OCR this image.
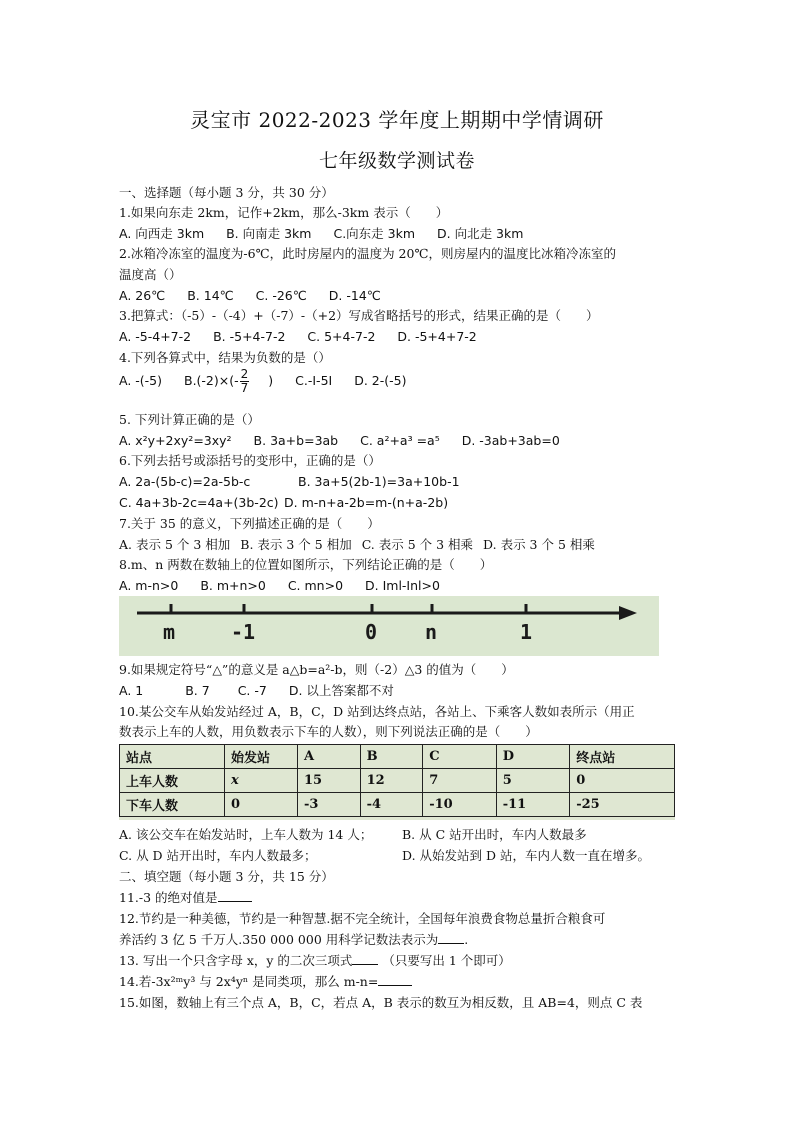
灵宝市 2022-2023 学年度上期期中学情调研
七年级数学测试卷
一、选择题（每小题 3 分，共 30 分）
1.如果向东走 2km，记作+2km，那么-3km 表示（　　）
A. 向西走 3km B. 向南走 3km C.向东走 3km D. 向北走 3km
2.冰箱冷冻室的温度为-6℃，此时房屋内的温度为 20℃，则房屋内的温度比冰箱冷冻室的
温度高（）
A. 26℃ B. 14℃ C. -26℃ D. -14℃
3.把算式：（-5）-（-4）+（-7）-（+2）写成省略括号的形式，结果正确的是（　　）
A. -5-4+7-2 B. -5+4-7-2 C. 5+4-7-2 D. -5+4+7-2
4.下列各算式中，结果为负数的是（）
A. -(-5) $B.(-2)\times(- \frac{2}{7}$ ) C.-I-5I D. 2-(-5)
5. 下列计算正确的是（）
A. x²y+2xy²=3xy² B. 3a+b=3ab C. a²+a³ =a⁵ D. -3ab+3ab=0
6.下列去括号或添括号的变形中，正确的是（）
A. 2a-(5b-c)=2a-5b-c	B. 3a+5(2b-1)=3a+10b-1
C. 4a+3b-2c=4a+(3b-2c) D. m-n+a-2b=m-(n+a-2b)
7.关于 35 的意义，下列描述正确的是（　　）
A. 表示 5 个 3 相加 B. 表示 3 个 5 相加 C. 表示 5 个 3 相乘 D. 表示 3 个 5 相乘
8.m、n 两数在数轴上的位置如图所示，下列结论正确的是（　　）
A. m-n>0 B. m+n>0 C. mn>0 D. Iml-Inl>0
m	-1	0 n	1
9.如果规定符号“△”的意义是 a△b=a²-b，则（-2）△3 的值为（　　）
A. 1	B. 7 C. -7 D. 以上答案都不对
10.某公交车从始发站经过 A，B，C，D 站到达终点站，各站上、下乘客人数如表所示（用正
数表示上车的人数，用负数表示下车的人数），则下列说法正确的是（　　）
站点	始发站	A	B	C	D	终点站
上车人数	x	15	12	7	5	0
下车人数	0	-3	-4	-10	-11	-25
A. 该公交车在始发站时，上车人数为 14 人； B. 从 C 站开出时，车内人数最多
C. 从 D 站开出时，车内人数最多；	D. 从始发站到 D 站，车内人数一直在增多。
二、填空题（每小题 3 分，共 15 分）
11.-3 的绝对值是
12.节约是一种美德，节约是一种智慧.据不完全统计，全国每年浪费食物总量折合粮食可
养活约 3 亿 5 千万人.350 000 000 用科学记数法表示为 .
13. 写出一个只含字母 x，y 的二次三项式 （只要写出 1 个即可）
14.若-3x²ᵐy³ 与 2x⁴yⁿ 是同类项，那么 m-n=
15.如图，数轴上有三个点 A，B，C，若点 A，B 表示的数互为相反数，且 AB=4，则点 C 表
